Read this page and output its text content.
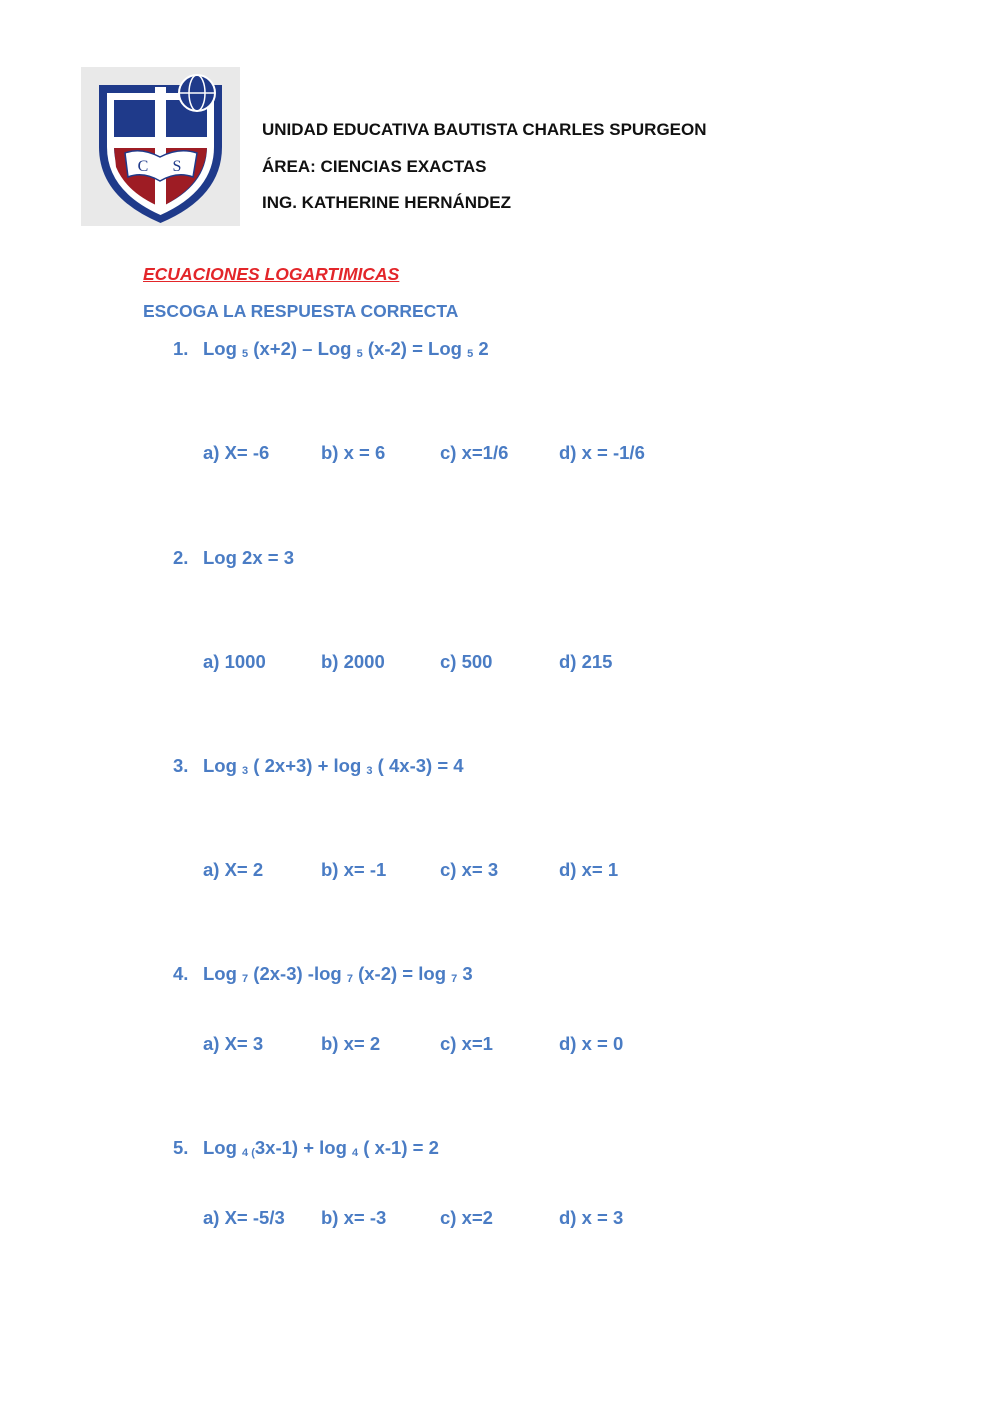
C S
UNIDAD EDUCATIVA BAUTISTA CHARLES SPURGEON
ÁREA: CIENCIAS EXACTAS
ING. KATHERINE HERNÁNDEZ
ECUACIONES LOGARTIMICAS
ESCOGA LA RESPUESTA CORRECTA
1. Log $_5$ (x+2) – Log $_5$ (x-2) = Log $_5$ 2
a) X= -6	b) x = 6	c) x=1/6	d) x = -1/6
2. Log 2x = 3
a) 1000	b) 2000	c) 500	d) 215
3. Log $_3$ ( 2x+3) + log $_3$ ( 4x-3) = 4
a) X= 2	b) x= -1	c) x= 3	d) x= 1
4. Log $_7$ (2x-3) -log $_7$ (x-2) = log $_7$ 3
a) X= 3	b) x= 2	c) x=1	d) x = 0
5. Log $_{4 (}$3x-1) + log $_4$ ( x-1) = 2
a) X= -5/3 b) x= -3	c) x=2	d) x = 3
